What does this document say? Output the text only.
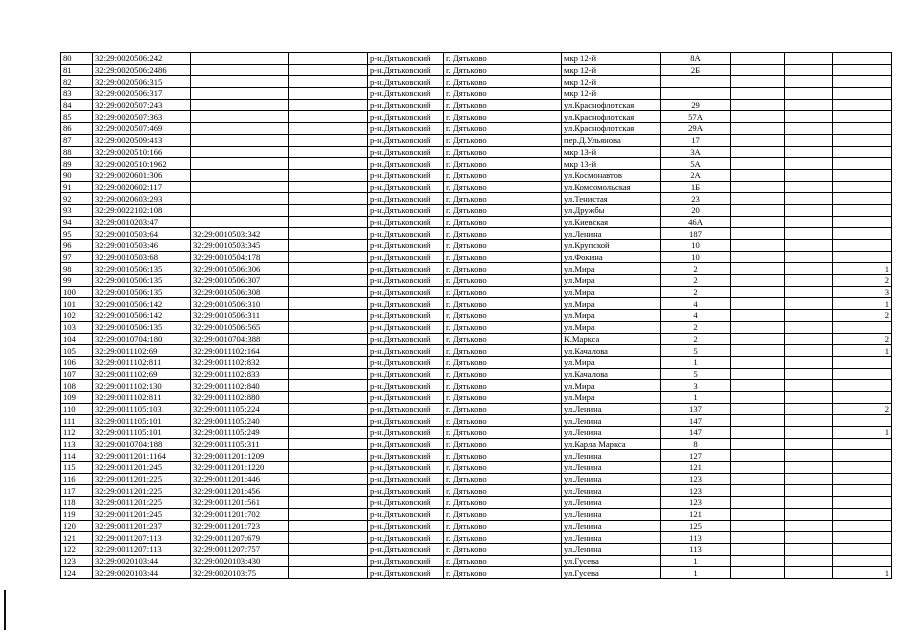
80	32:29:0020506:242			р-н.Дятьковский	г. Дятьково	мкр 12-й	8А			
81	32:29:0020506:2486			р-н.Дятьковский	г. Дятьково	мкр 12-й	2Б			
82	32:29:0020506:315			р-н.Дятьковский	г. Дятьково	мкр 12-й				
83	32:29:0020506:317			р-н.Дятьковский	г. Дятьково	мкр 12-й				
84	32:29:0020507:243			р-н.Дятьковский	г. Дятьково	ул.Краснофлотская	29			
85	32:29:0020507:363			р-н.Дятьковский	г. Дятьково	ул.Краснофлотская	57А			
86	32:29:0020507:469			р-н.Дятьковский	г. Дятьково	ул.Краснофлотская	29А			
87	32:29:0020509:413			р-н.Дятьковский	г. Дятьково	пер.Д.Ульянова	17			
88	32:29:0020510:166			р-н.Дятьковский	г. Дятьково	мкр 13-й	3А			
89	32:29:0020510:1962			р-н.Дятьковский	г. Дятьково	мкр 13-й	5А			
90	32:29:0020601:306			р-н.Дятьковский	г. Дятьково	ул.Космонавтов	2А			
91	32:29:0020602:117			р-н.Дятьковский	г. Дятьково	ул.Комсомольская	1Б			
92	32:29:0020603:293			р-н.Дятьковский	г. Дятьково	ул.Тенистая	23			
93	32:29:0022102:108			р-н.Дятьковский	г. Дятьково	ул.Дружбы	20			
94	32:29:0010203:47			р-н.Дятьковский	г. Дятьково	ул.Киевская	46А			
95	32:29:0010503:64	32:29:0010503:342		р-н.Дятьковский	г. Дятьково	ул.Ленина	187			
96	32:29:0010503:46	32:29:0010503:345		р-н.Дятьковский	г. Дятьково	ул.Крупской	10			
97	32:29:0010503:68	32:29:0010504:178		р-н.Дятьковский	г. Дятьково	ул.Фокина	10			
98	32:29:0010506:135	32:29:0010506:306		р-н.Дятьковский	г. Дятьково	ул.Мира	2			1
99	32:29:0010506:135	32:29:0010506:307		р-н.Дятьковский	г. Дятьково	ул.Мира	2			2
100	32:29:0010506:135	32:29:0010506:308		р-н.Дятьковский	г. Дятьково	ул.Мира	2			3
101	32:29:0010506:142	32:29:0010506:310		р-н.Дятьковский	г. Дятьково	ул.Мира	4			1
102	32:29:0010506:142	32:29:0010506:311		р-н.Дятьковский	г. Дятьково	ул.Мира	4			2
103	32:29:0010506:135	32:29:0010506:565		р-н.Дятьковский	г. Дятьково	ул.Мира	2			
104	32:29:0010704:180	32:29:0010704:388		р-н.Дятьковский	г. Дятьково	К.Маркса	2			2
105	32:29:0011102:69	32:29:0011102:164		р-н.Дятьковский	г. Дятьково	ул.Качалова	5			1
106	32:29:0011102:811	32:29:0011102:832		р-н.Дятьковский	г. Дятьково	ул.Мира	1			
107	32:29:0011102:69	32:29:0011102:833		р-н.Дятьковский	г. Дятьково	ул.Качалова	5			
108	32:29:0011102:130	32:29:0011102:840		р-н.Дятьковский	г. Дятьково	ул.Мира	3			
109	32:29:0011102:811	32:29:0011102:880		р-н.Дятьковский	г. Дятьково	ул.Мира	1			
110	32:29:0011105:103	32:29:0011105:224		р-н.Дятьковский	г. Дятьково	ул.Ленина	137			2
111	32:29:0011105:101	32:29:0011105:240		р-н.Дятьковский	г. Дятьково	ул.Ленина	147			
112	32:29:0011105:101	32:29:0011105:249		р-н.Дятьковский	г. Дятьково	ул.Ленина	147			1
113	32:29:0010704:188	32:29:0011105:311		р-н.Дятьковский	г. Дятьково	ул.Карла Маркса	8			
114	32:29:0011201:1164	32:29:0011201:1209		р-н.Дятьковский	г. Дятьково	ул.Ленина	127			
115	32:29:0011201:245	32:29:0011201:1220		р-н.Дятьковский	г. Дятьково	ул.Ленина	121			
116	32:29:0011201:225	32:29:0011201:446		р-н.Дятьковский	г. Дятьково	ул.Ленина	123			
117	32:29:0011201:225	32:29:0011201:456		р-н.Дятьковский	г. Дятьково	ул.Ленина	123			
118	32:29:0011201:225	32:29:0011201:561		р-н.Дятьковский	г. Дятьково	ул.Ленина	123			
119	32:29:0011201:245	32:29:0011201:702		р-н.Дятьковский	г. Дятьково	ул.Ленина	121			
120	32:29:0011201:237	32:29:0011201:723		р-н.Дятьковский	г. Дятьково	ул.Ленина	125			
121	32:29:0011207:113	32:29:0011207:679		р-н.Дятьковский	г. Дятьково	ул.Ленина	113			
122	32:29:0011207:113	32:29:0011207:757		р-н.Дятьковский	г. Дятьково	ул.Ленина	113			
123	32:29:0020103:44	32:29:0020103:430		р-н.Дятьковский	г. Дятьково	ул.Гусева	1			
124	32:29:0020103:44	32:29:0020103:75		р-н.Дятьковский	г. Дятьково	ул.Гусева	1			1
